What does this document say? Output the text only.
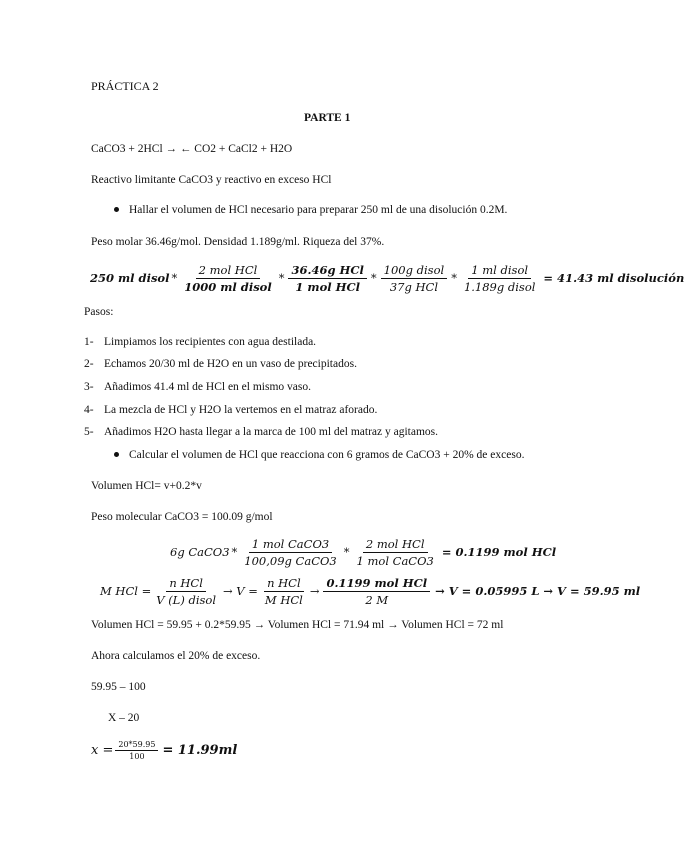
PRÁCTICA 2
PARTE 1
CaCO3 + 2HCl → ← CO2 + CaCl2 + H2O
Reactivo limitante CaCO3 y reactivo en exceso HCl
Hallar el volumen de HCl necesario para preparar 250 ml de una disolución 0.2M.
Peso molar 36.46g/mol. Densidad 1.189g/ml. Riqueza del 37%.
250 ml disol * $\frac{\text{2 mol HCl}}{\text{1000 ml disol}} * \frac{\text{36.46g HCl}}{\text{1 mol HCl}} * \frac{\text{100g disol}}{\text{37g HCl}} * \frac{\text{1 ml disol}}{\text{1.189g disol}} = 41.43$ ml disolución
Pasos:
1- Limpiamos los recipientes con agua destilada.
2- Echamos 20/30 ml de H2O en un vaso de precipitados.
3- Añadimos 41.4 ml de HCl en el mismo vaso.
4- La mezcla de HCl y H2O la vertemos en el matraz aforado.
5- Añadimos H2O hasta llegar a la marca de 100 ml del matraz y agitamos.
Calcular el volumen de HCl que reacciona con 6 gramos de CaCO3 + 20% de exceso.
Volumen HCl= v+0.2*v
Peso molecular CaCO3 = 100.09 g/mol
6g CaCO3 * $\frac{\text{1 mol CaCO3}}{\text{100,09g CaCO3}} * \frac{\text{2 mol HCl}}{\text{1 mol CaCO3}} = 0.1199$ mol HCl
M HCl = $\frac{\text{n HCl}}{\text{V (L) disol}} \to V = \frac{\text{n HCl}}{\text{M HCl}} \to \frac{\text{0.1199 mol HCl}}{2 M} \to V = 0.05995$ L → V = 59.95 ml
Volumen HCl = 59.95 + 0.2*59.95 → Volumen HCl = 71.94 ml → Volumen HCl = 72 ml
Ahora calculamos el 20% de exceso.
59.95 – 100
X – 20
$x = \frac{20*59.95}{100} = 11.99ml$
